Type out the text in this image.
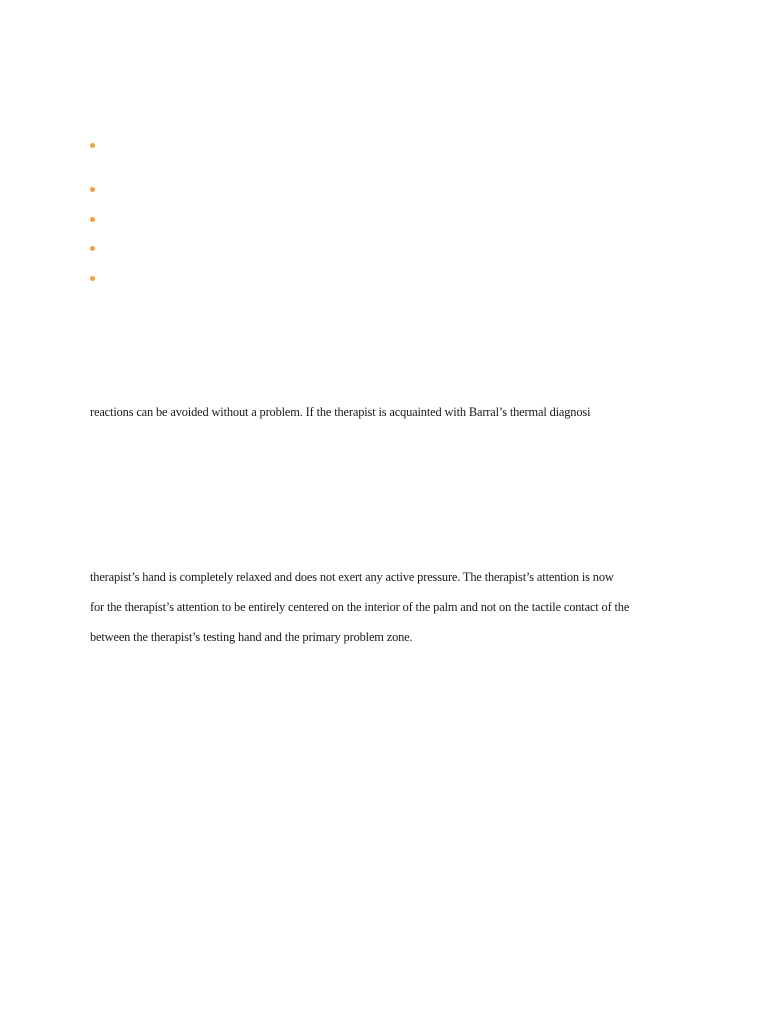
reactions can be avoided without a problem. If the therapist is acquainted with Barral’s thermal diagnosi
therapist’s hand is completely relaxed and does not exert any active pressure. The therapist’s attention is now
for the therapist’s attention to be entirely centered on the interior of the palm and not on the tactile contact of the
between the therapist’s testing hand and the primary problem zone.
